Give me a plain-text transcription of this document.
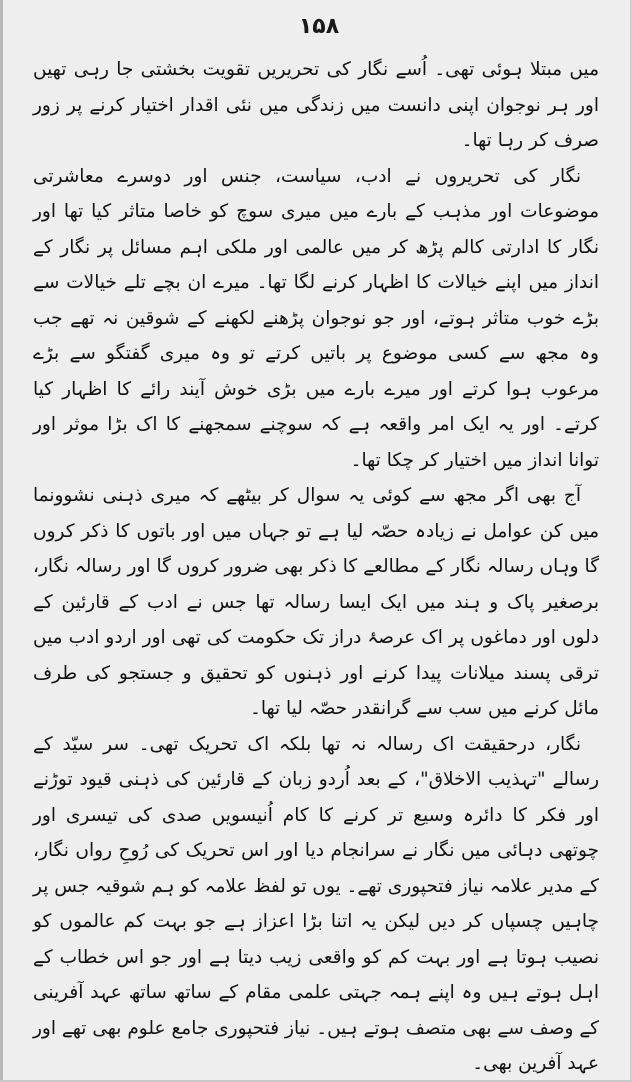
۱۵۸

میں مبتلا ہوئی تھی۔ اُسے نگار کی تحریریں تقویت بخشتی جا رہی تھیں اور ہر نوجوان اپنی دانست میں زندگی میں نئی اقدار اختیار کرنے پر زور صرف کر رہا تھا۔

نگار کی تحریروں نے ادب، سیاست، جنس اور دوسرے معاشرتی موضوعات اور مذہب کے بارے میں میری سوچ کو خاصا متاثر کیا تھا اور نگار کا ادارتی کالم پڑھ کر میں عالمی اور ملکی اہم مسائل پر نگار کے انداز میں اپنے خیالات کا اظہار کرنے لگا تھا۔ میرے ان بچے تلے خیالات سے بڑے خوب متاثر ہوتے، اور جو نوجوان پڑھنے لکھنے کے شوقین نہ تھے جب وہ مجھ سے کسی موضوع پر باتیں کرتے تو وہ میری گفتگو سے بڑے مرعوب ہوا کرتے اور میرے بارے میں بڑی خوش آیند رائے کا اظہار کیا کرتے۔ اور یہ ایک امر واقعہ ہے کہ سوچنے سمجھنے کا اک بڑا موثر اور توانا انداز میں اختیار کر چکا تھا۔

آج بھی اگر مجھ سے کوئی یہ سوال کر بیٹھے کہ میری ذہنی نشوونما میں کن عوامل نے زیادہ حصّہ لیا ہے تو جہاں میں اور باتوں کا ذکر کروں گا وہاں رسالہ نگار کے مطالعے کا ذکر بھی ضرور کروں گا اور رسالہ نگار، برصغیر پاک و ہند میں ایک ایسا رسالہ تھا جس نے ادب کے قارئین کے دلوں اور دماغوں پر اک عرصۂ دراز تک حکومت کی تھی اور اردو ادب میں ترقی پسند میلانات پیدا کرنے اور ذہنوں کو تحقیق و جستجو کی طرف مائل کرنے میں سب سے گرانقدر حصّہ لیا تھا۔

نگار، درحقیقت اک رسالہ نہ تھا بلکہ اک تحریک تھی۔ سر سیّد کے رسالے "تہذیب الاخلاق"، کے بعد اُردو زبان کے قارئین کی ذہنی قیود توڑنے اور فکر کا دائرہ وسیع تر کرنے کا کام اُنیسویں صدی کی تیسری اور چوتھی دہائی میں نگار نے سرانجام دیا اور اس تحریک کی رُوحِ رواں نگار، کے مدیر علامہ نیاز فتحپوری تھے۔ یوں تو لفظ علامہ کو ہم شوقیہ جس پر چاہیں چسپاں کر دیں لیکن یہ اتنا بڑا اعزاز ہے جو بہت کم عالموں کو نصیب ہوتا ہے اور بہت کم کو واقعی زیب دیتا ہے اور جو اس خطاب کے اہل ہوتے ہیں وہ اپنے ہمہ جہتی علمی مقام کے ساتھ ساتھ عہد آفرینی کے وصف سے بھی متصف ہوتے ہیں۔ نیاز فتحپوری جامع علوم بھی تھے اور عہد آفرین بھی۔
